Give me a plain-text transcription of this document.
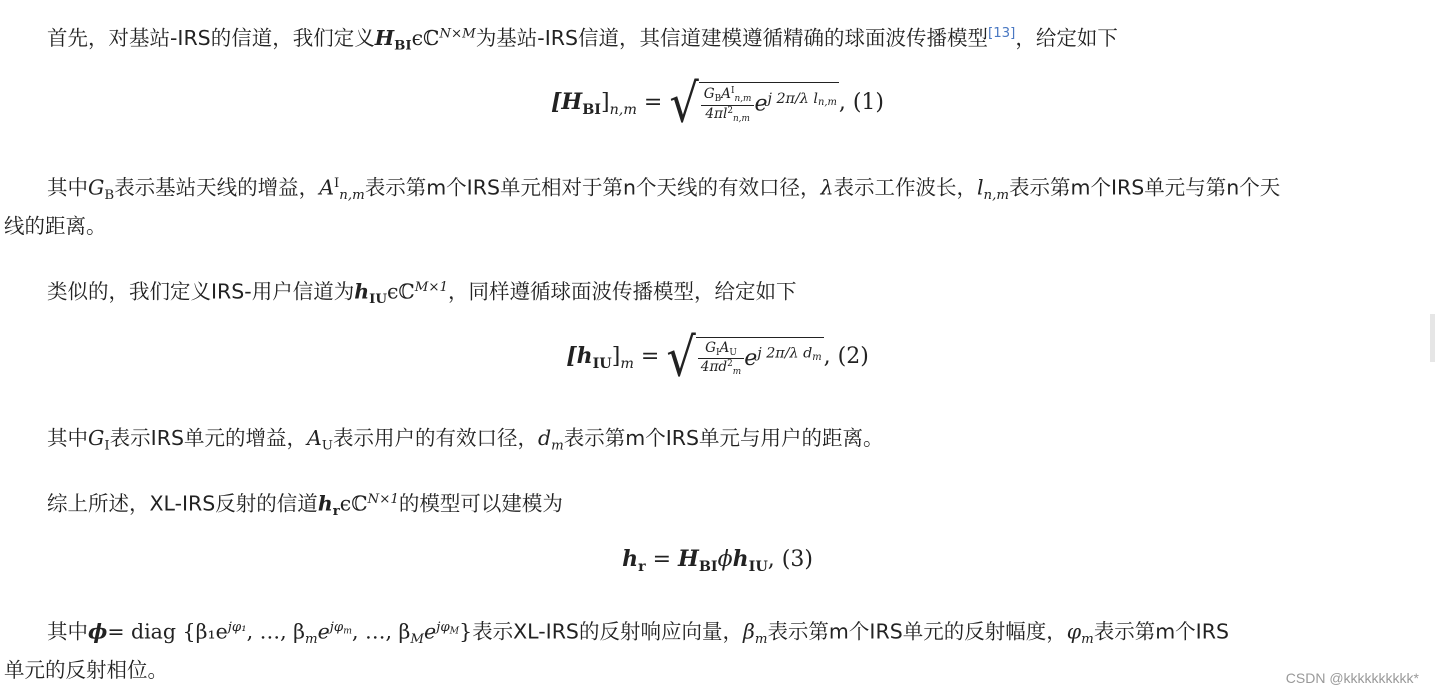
首先，对基站-IRS的信道，我们定义$H_{BI}\epsilon ℂ^{N\times M}$为基站-IRS信道，其信道建模遵循精确的球面波传播模型[13]，给定如下
$[H_{BI}]_{n,m}$ = √ $\frac{G_BA^I_{n,m}}{4\pi l^2_{n,m}} e^{j 2\pi/\lambda ln,m}$, (1)
其中$G_B$表示基站天线的增益，$A^I_{n,m}$表示第m个IRS单元相对于第n个天线的有效口径，λ表示工作波长，$l_{n,m}$表示第m个IRS单元与第n个天
线的距离。
类似的，我们定义IRS-用户信道为$h_{IU}\epsilon ℂ^{M\times 1}$，同样遵循球面波传播模型，给定如下
$[h_{IU}]_m$ = √ $\frac{G_IA_U}{4\pi d^2_m} e^{j 2\pi/\lambda dm}$, (2)
其中$G_I$表示IRS单元的增益，$A_U$表示用户的有效口径，$d_m$表示第m个IRS单元与用户的距离。
综上所述，XL-IRS反射的信道$h_r\epsilon ℂ^{N\times 1}$的模型可以建模为
$h_r = H_{BI}\phi h_{IU}$, (3)
其中ϕ= diag {$\beta_1e^{j\varphi_1}$, …, $\beta_me^{j\varphi m}$, …, $\beta_Me^{j\varphi M}$}表示XL-IRS的反射响应向量，$\beta_m$表示第m个IRS单元的反射幅度，$\varphi_m$表示第m个IRS
单元的反射相位。	CSDN @kkkkkkkkkk*
